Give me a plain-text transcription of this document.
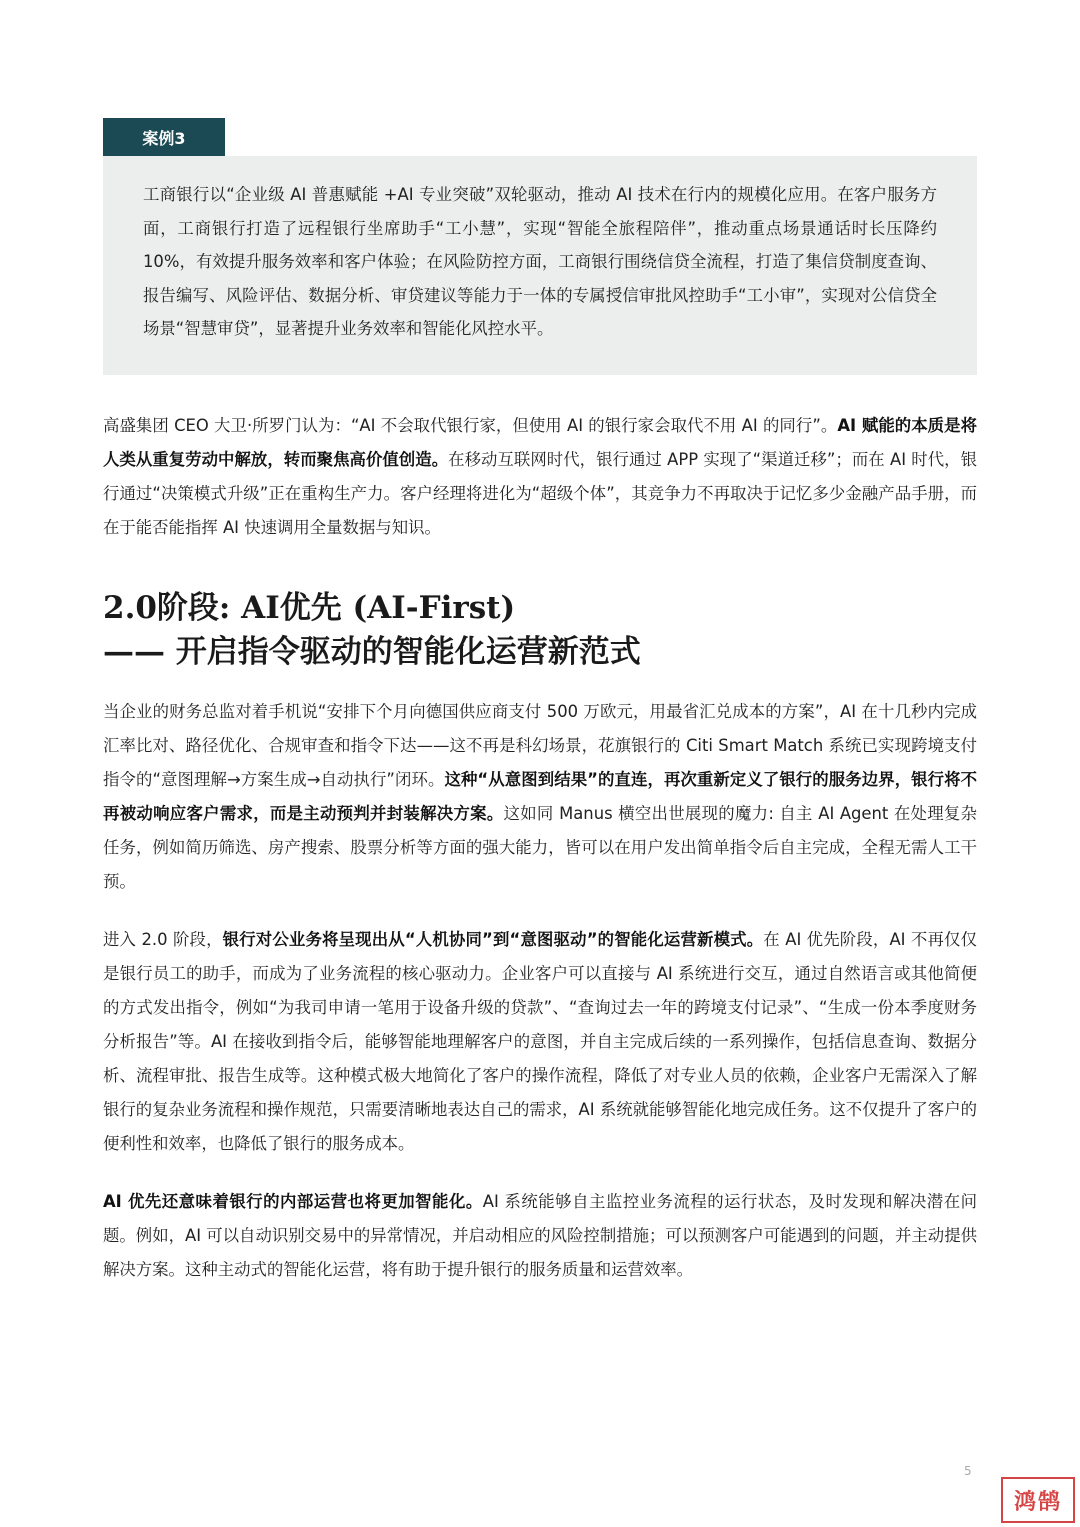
案例3

工商银行以“企业级 AI 普惠赋能 +AI 专业突破”双轮驱动，推动 AI 技术在行内的规模化应用。在客户服务方面，工商银行打造了远程银行坐席助手“工小慧”，实现“智能全旅程陪伴”，推动重点场景通话时长压降约 10%，有效提升服务效率和客户体验；在风险防控方面，工商银行围绕信贷全流程，打造了集信贷制度查询、报告编写、风险评估、数据分析、审贷建议等能力于一体的专属授信审批风控助手“工小审”，实现对公信贷全场景“智慧审贷”，显著提升业务效率和智能化风控水平。

高盛集团 CEO 大卫·所罗门认为：“AI 不会取代银行家，但使用 AI 的银行家会取代不用 AI 的同行”。AI 赋能的本质是将人类从重复劳动中解放，转而聚焦高价值创造。在移动互联网时代，银行通过 APP 实现了“渠道迁移”；而在 AI 时代，银行通过“决策模式升级”正在重构生产力。客户经理将进化为“超级个体”，其竞争力不再取决于记忆多少金融产品手册，而在于能否能指挥 AI 快速调用全量数据与知识。

2.0阶段: AI优先 (AI-First)
—— 开启指令驱动的智能化运营新范式

当企业的财务总监对着手机说“安排下个月向德国供应商支付 500 万欧元，用最省汇兑成本的方案”，AI 在十几秒内完成汇率比对、路径优化、合规审查和指令下达——这不再是科幻场景，花旗银行的 Citi Smart Match 系统已实现跨境支付指令的“意图理解→方案生成→自动执行”闭环。这种“从意图到结果”的直连，再次重新定义了银行的服务边界，银行将不再被动响应客户需求，而是主动预判并封装解决方案。这如同 Manus 横空出世展现的魔力: 自主 AI Agent 在处理复杂任务，例如简历筛选、房产搜索、股票分析等方面的强大能力，皆可以在用户发出简单指令后自主完成，全程无需人工干预。

进入 2.0 阶段，银行对公业务将呈现出从“人机协同”到“意图驱动”的智能化运营新模式。在 AI 优先阶段，AI 不再仅仅是银行员工的助手，而成为了业务流程的核心驱动力。企业客户可以直接与 AI 系统进行交互，通过自然语言或其他简便的方式发出指令，例如“为我司申请一笔用于设备升级的贷款”、“查询过去一年的跨境支付记录”、“生成一份本季度财务分析报告”等。AI 在接收到指令后，能够智能地理解客户的意图，并自主完成后续的一系列操作，包括信息查询、数据分析、流程审批、报告生成等。这种模式极大地简化了客户的操作流程，降低了对专业人员的依赖，企业客户无需深入了解银行的复杂业务流程和操作规范，只需要清晰地表达自己的需求，AI 系统就能够智能化地完成任务。这不仅提升了客户的便利性和效率，也降低了银行的服务成本。

AI 优先还意味着银行的内部运营也将更加智能化。AI 系统能够自主监控业务流程的运行状态，及时发现和解决潜在问题。例如，AI 可以自动识别交易中的异常情况，并启动相应的风险控制措施；可以预测客户可能遇到的问题，并主动提供解决方案。这种主动式的智能化运营，将有助于提升银行的服务质量和运营效率。

5
鸿鹄
